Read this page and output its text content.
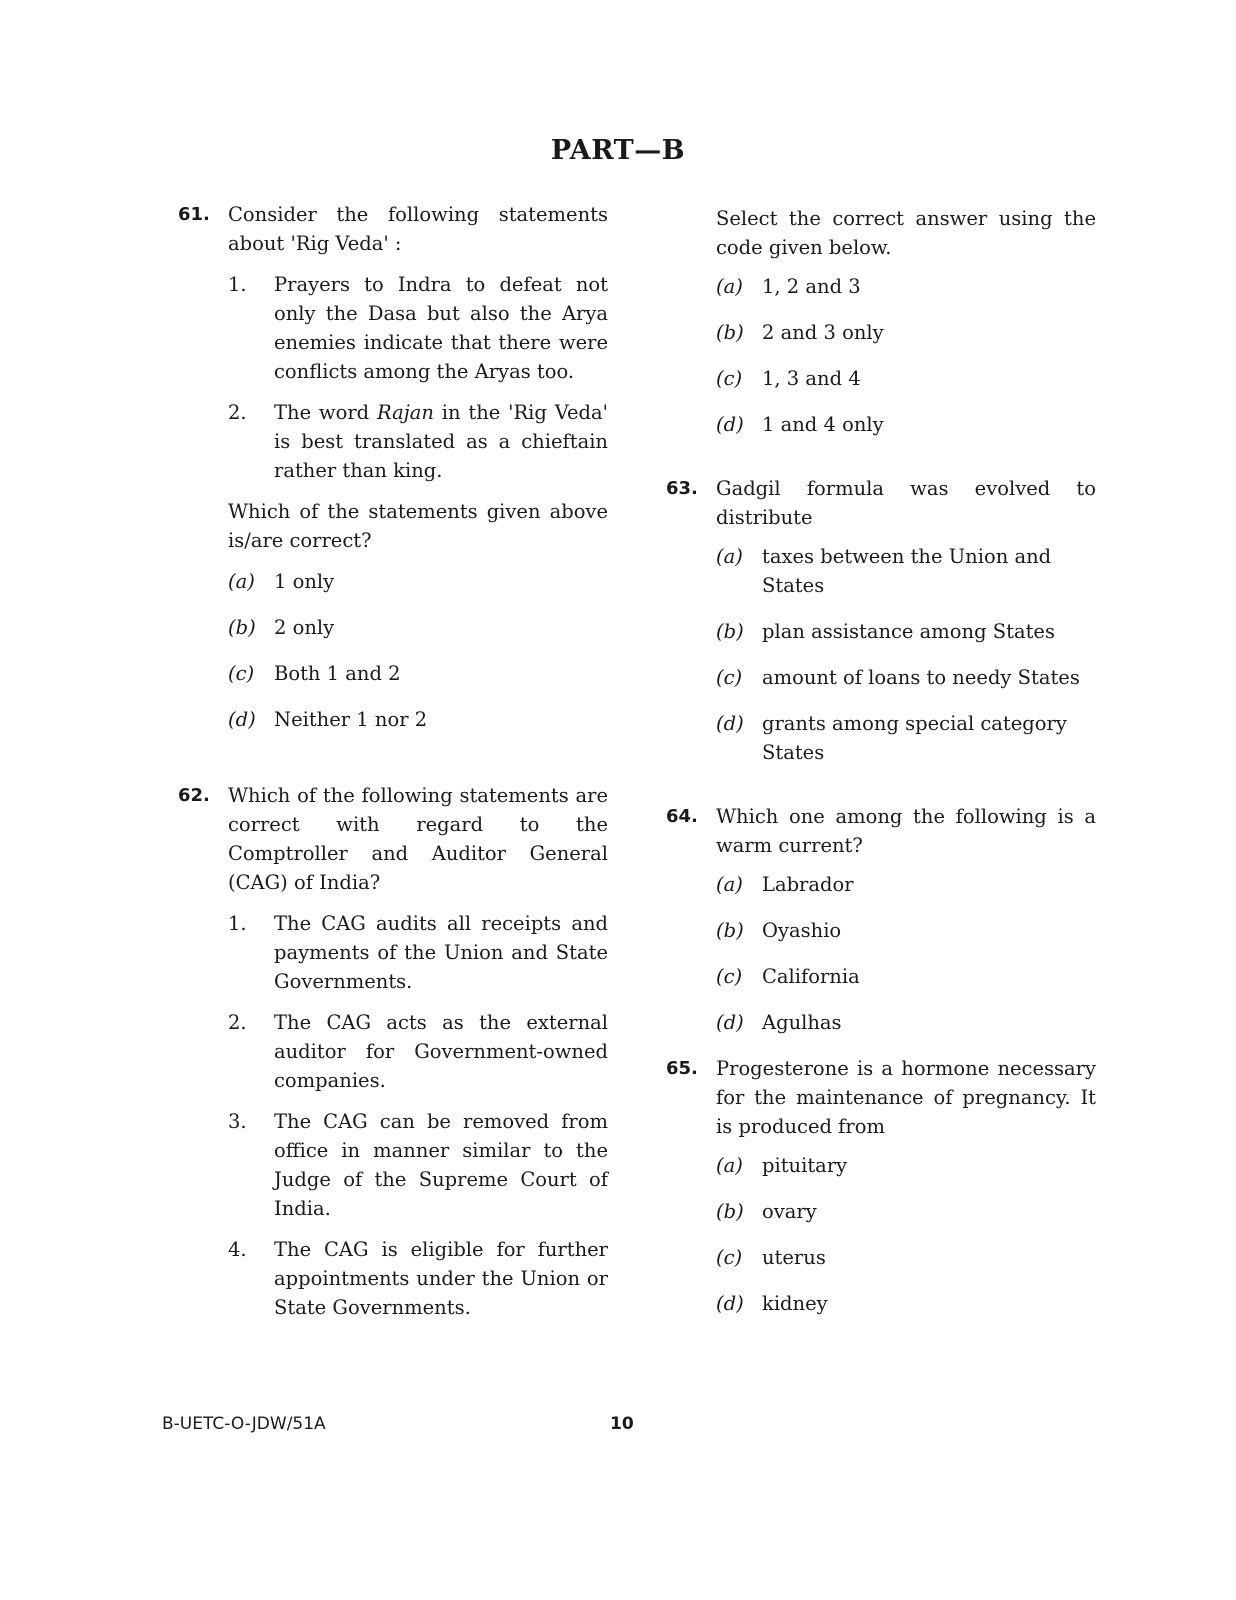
PART—B
61. Consider the following statements about 'Rig Veda' :
1. Prayers to Indra to defeat not only the Dasa but also the Arya enemies indicate that there were conflicts among the Aryas too.
2. The word Rajan in the 'Rig Veda' is best translated as a chieftain rather than king.
Which of the statements given above is/are correct?
(a) 1 only
(b) 2 only
(c) Both 1 and 2
(d) Neither 1 nor 2
62. Which of the following statements are correct with regard to the Comptroller and Auditor General (CAG) of India?
1. The CAG audits all receipts and payments of the Union and State Governments.
2. The CAG acts as the external auditor for Government-owned companies.
3. The CAG can be removed from office in manner similar to the Judge of the Supreme Court of India.
4. The CAG is eligible for further appointments under the Union or State Governments.
Select the correct answer using the code given below.
(a) 1, 2 and 3
(b) 2 and 3 only
(c) 1, 3 and 4
(d) 1 and 4 only
63. Gadgil formula was evolved to distribute
(a) taxes between the Union and States
(b) plan assistance among States
(c) amount of loans to needy States
(d) grants among special category States
64. Which one among the following is a warm current?
(a) Labrador
(b) Oyashio
(c) California
(d) Agulhas
65. Progesterone is a hormone necessary for the maintenance of pregnancy. It is produced from
(a) pituitary
(b) ovary
(c) uterus
(d) kidney
B-UETC-O-JDW/51A	10
